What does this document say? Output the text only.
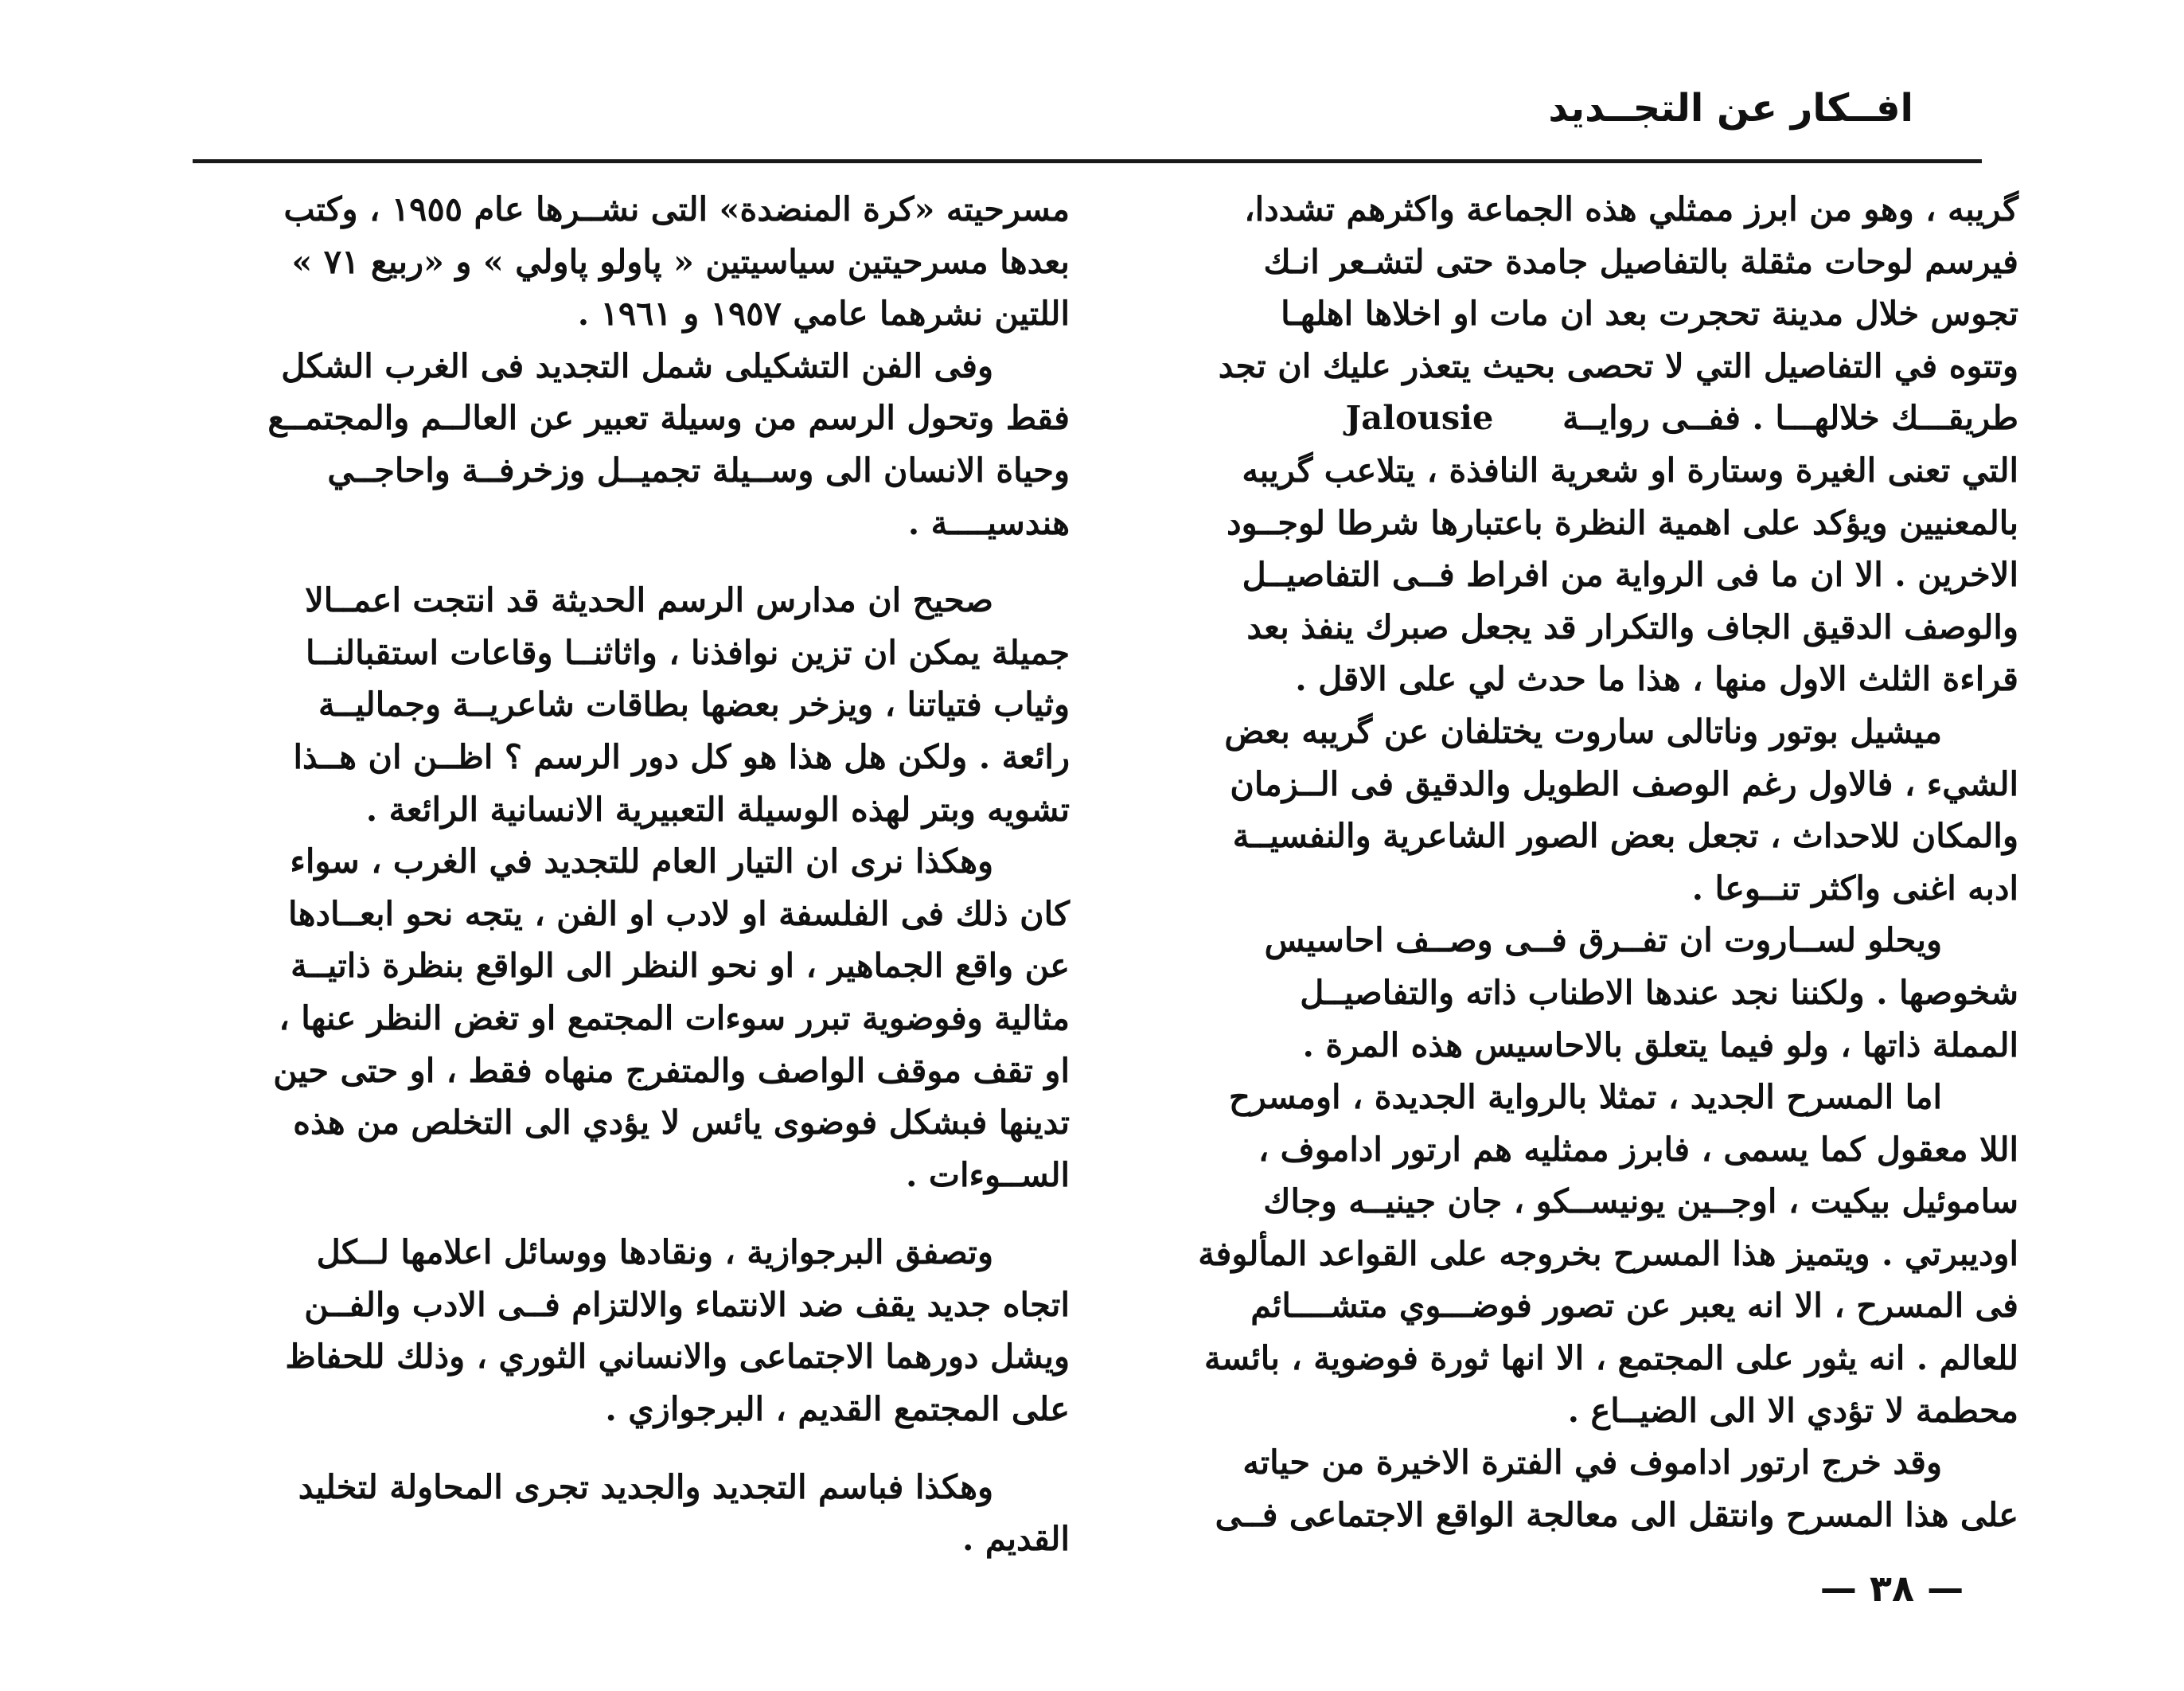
افــكار عن التجــديد

گريبه ، وهو من ابرز ممثلي هذه الجماعة واكثرهم تشددا،
فيرسم لوحات مثقلة بالتفاصيل جامدة حتى لتشـعر انـك
تجوس خلال مدينة تحجرت بعد ان مات او اخلاها اهلهـا
وتتوه في التفاصيل التي لا تحصى بحيث يتعذر عليك ان تجد
طريقـــك خلالهـــا . ففــى روايــة      Jalousie
التي تعنى الغيرة وستارة او شعرية النافذة ، يتلاعب گريبه
بالمعنيين ويؤكد على اهمية النظرة باعتبارها شرطا لوجــود
الاخرين . الا ان ما فى الرواية من افراط فــى التفاصيــل
والوصف الدقيق الجاف والتكرار قد يجعل صبرك ينفذ بعد
قراءة الثلث الاول منها ، هذا ما حدث لي على الاقل .

ميشيل بوتور وناتالى ساروت يختلفان عن گريبه بعض
الشيء ، فالاول رغم الوصف الطويل والدقيق فى الــزمان
والمكان للاحداث ، تجعل بعض الصور الشاعرية والنفسيــة
ادبه اغنى واكثر تنــوعا .

ويحلو لســاروت ان تفــرق فــى وصــف احاسيس
شخوصها . ولكننا نجد عندها الاطناب ذاته والتفاصيــل
المملة ذاتها ، ولو فيما يتعلق بالاحاسيس هذه المرة .

اما المسرح الجديد ، تمثلا بالرواية الجديدة ، اومسرح
اللا معقول كما يسمى ، فابرز ممثليه هم ارتور اداموف ،
ساموئيل بيكيت ، اوجــين يونيســكو ، جان جينيــه وجاك
اوديبرتي . ويتميز هذا المسرح بخروجه على القواعد المألوفة
فى المسرح ، الا انه يعبر عن تصور فوضـــوي متشــــائم
للعالم . انه يثور على المجتمع ، الا انها ثورة فوضوية ، بائسة
محطمة لا تؤدي الا الى الضيــاع .

وقد خرج ارتور اداموف في الفترة الاخيرة من حياته
على هذا المسرح وانتقل الى معالجة الواقع الاجتماعى فــى

مسرحيته «كرة المنضدة» التى نشــرها عام ١٩٥٥ ، وكتب
بعدها مسرحيتين سياسيتين « پاولو پاولي » و «ربيع ٧١ »
اللتين نشرهما عامي ١٩٥٧ و ١٩٦١ .

وفى الفن التشكيلى شمل التجديد فى الغرب الشكل
فقط وتحول الرسم من وسيلة تعبير عن العالــم والمجتمــع
وحياة الانسان الى وســيلة تجميــل وزخرفــة واحاجــي
هندسيــــة .

صحيح ان مدارس الرسم الحديثة قد انتجت اعمــالا
جميلة يمكن ان تزين نوافذنا ، واثاثنــا وقاعات استقبالنــا
وثياب فتياتنا ، ويزخر بعضها بطاقات شاعريــة وجماليــة
رائعة . ولكن هل هذا هو كل دور الرسم ؟ اظــن ان هــذا
تشويه وبتر لهذه الوسيلة التعبيرية الانسانية الرائعة .

وهكذا نرى ان التيار العام للتجديد في الغرب ، سواء
كان ذلك فى الفلسفة او لادب او الفن ، يتجه نحو ابعــادها
عن واقع الجماهير ، او نحو النظر الى الواقع بنظرة ذاتيــة
مثالية وفوضوية تبرر سوءات المجتمع او تغض النظر عنها ،
او تقف موقف الواصف والمتفرج منهاه فقط ، او حتى حين
تدينها فبشكل فوضوى يائس لا يؤدي الى التخلص من هذه
الســوءات .

وتصفق البرجوازية ، ونقادها ووسائل اعلامها لــكل
اتجاه جديد يقف ضد الانتماء والالتزام فــى الادب والفــن
ويشل دورهما الاجتماعى والانساني الثوري ، وذلك للحفاظ
على المجتمع القديم ، البرجوازي .

وهكذا فباسم التجديد والجديد تجرى المحاولة لتخليد
القديم .

— ٣٨ —
